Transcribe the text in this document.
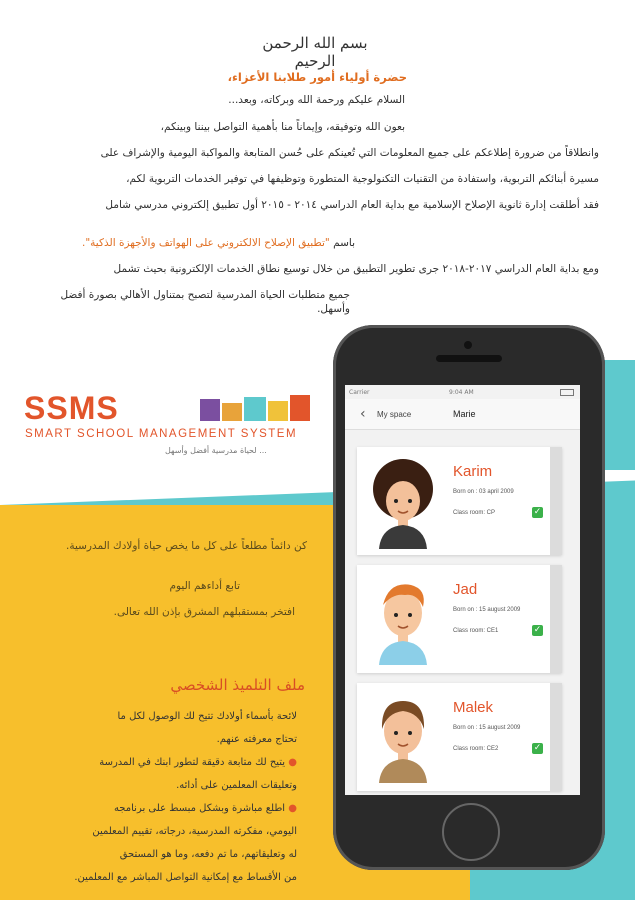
بسم الله الرحمن الرحيم
حضرة أولياء أمور طلابنا الأعزاء،
السلام عليكم ورحمة الله وبركاته، وبعد...
بعون الله وتوفيقه، وإيماناً منا بأهمية التواصل بيننا وبينكم،
وانطلاقاً من ضرورة إطلاعكم على جميع المعلومات التي تُعينكم على حُسن المتابعة والمواكبة اليومية والإشراف على
مسيرة أبنائكم التربوية، واستفادة من التقنيات التكنولوجية المتطورة وتوظيفها في توفير الخدمات التربوية لكم،
فقد أطلقت إدارة ثانوية الإصلاح الإسلامية مع بداية العام الدراسي ٢٠١٤ - ٢٠١٥ أول تطبيق إلكتروني مدرسي شامل
باسم "تطبيق الإصلاح الالكتروني على الهواتف والأجهزة الذكية".
ومع بداية العام الدراسي ٢٠١٧-٢٠١٨ جرى تطوير التطبيق من خلال توسيع نطاق الخدمات الإلكترونية بحيث تشمل
جميع متطلبات الحياة المدرسية لتصبح بمتناول الأهالي بصورة أفضل وأسهل.
SSMS
SMART SCHOOL MANAGEMENT SYSTEM
... لحياة مدرسية أفضل وأسهل
كن دائماً مطلعاً على كل ما يخص حياة أولادك المدرسية.
تابع أداءهم اليوم
افتخر بمستقبلهم المشرق بإذن الله تعالى.
ملف التلميذ الشخصي
لائحة بأسماء أولادك تتيح لك الوصول لكل ما
تحتاج معرفته عنهم.
● يتيح لك متابعة دقيقة لتطور ابنك في المدرسة
وتعليقات المعلمين على أدائه.
● اطلع مباشرة وبشكل مبسط على برنامجه
اليومي، مفكرته المدرسية، درجاته، تقييم المعلمين
له وتعليقاتهم، ما تم دفعه، وما هو المستحق
من الأقساط مع إمكانية التواصل المباشر مع المعلمين.
Carrier	9:04 AM
‹ My space	Marie
Karim
Born on : 03 april 2009
Class room: CP	✓
Jad
Born on : 15 august 2009
Class room: CE1	✓
Malek
Born on : 15 august 2009
Class room: CE2	✓
